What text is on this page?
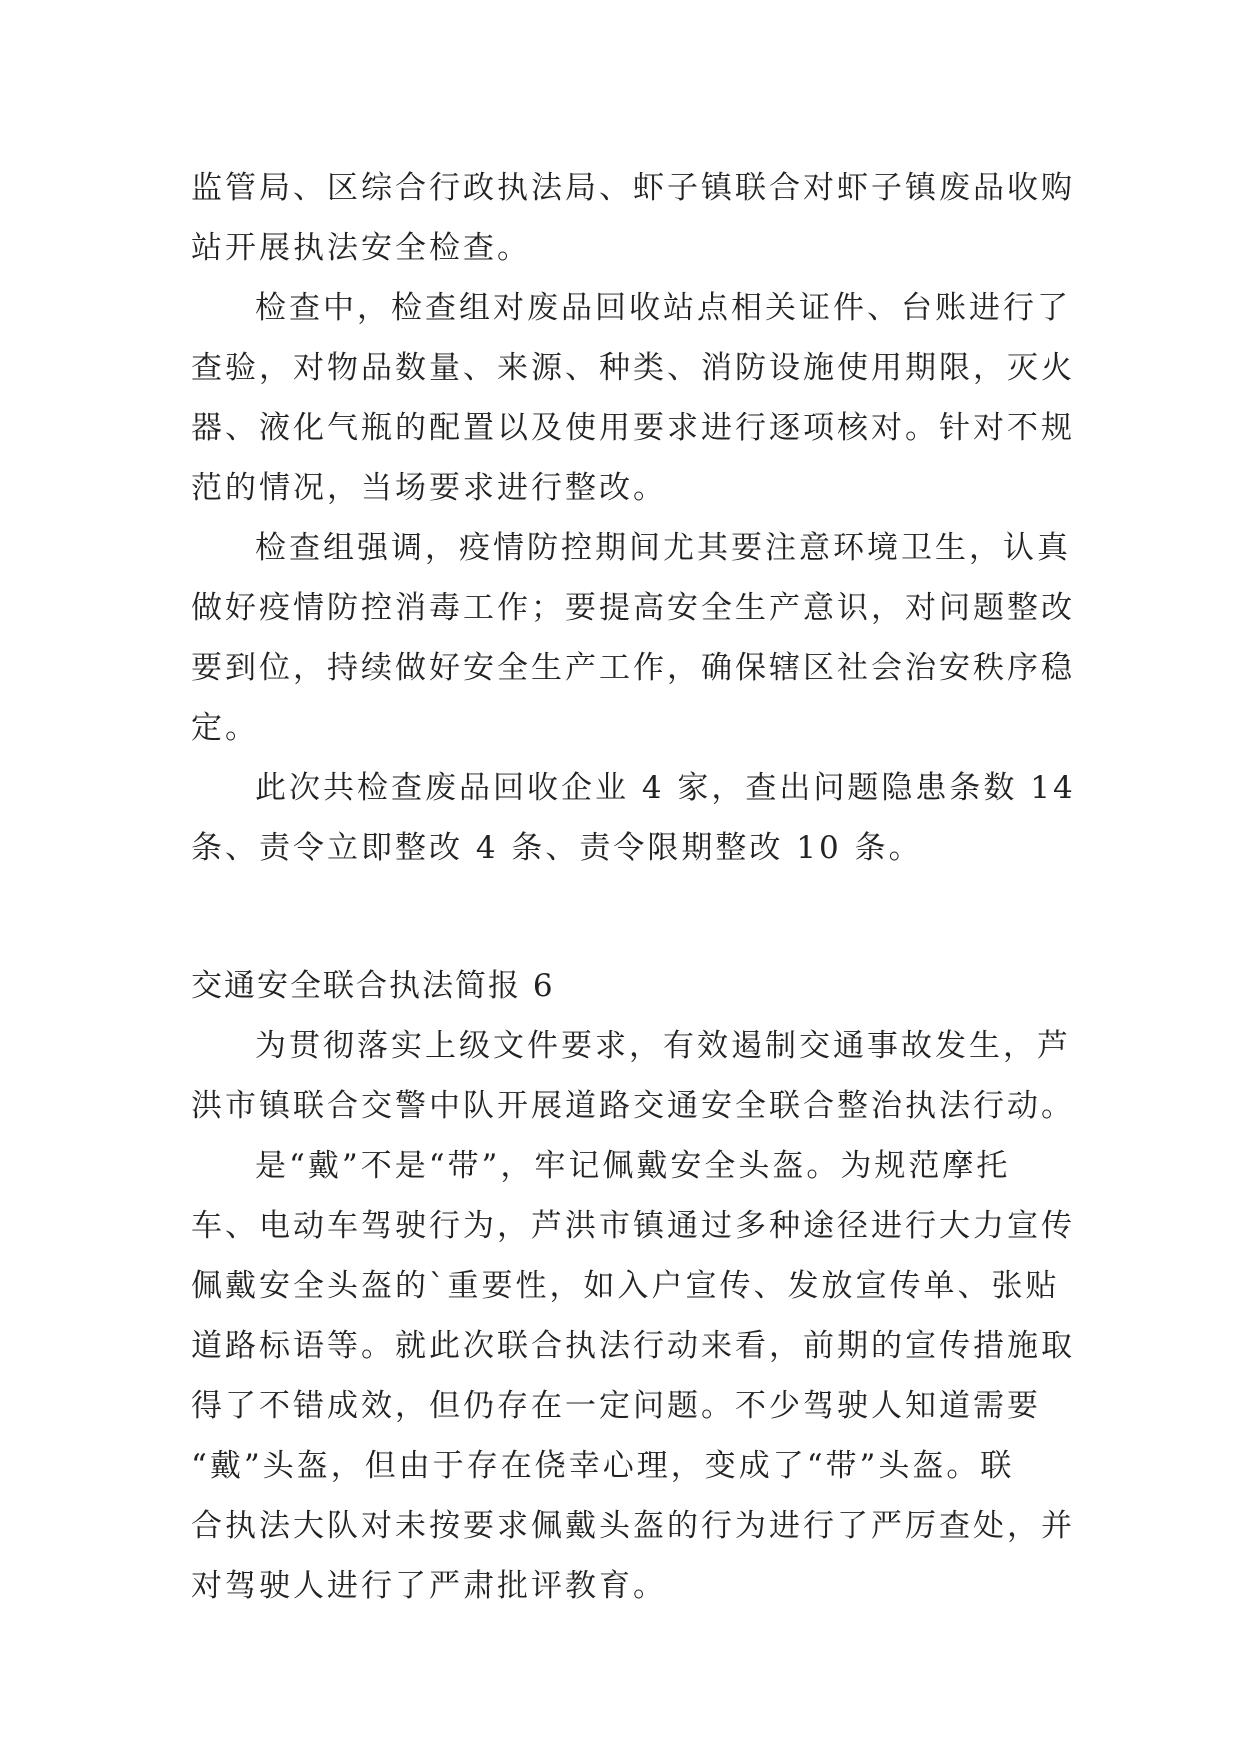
监管局、区综合行政执法局、虾子镇联合对虾子镇废品收购
站开展执法安全检查。
检查中，检查组对废品回收站点相关证件、台账进行了
查验，对物品数量、来源、种类、消防设施使用期限，灭火
器、液化气瓶的配置以及使用要求进行逐项核对。针对不规
范的情况，当场要求进行整改。
检查组强调，疫情防控期间尤其要注意环境卫生，认真
做好疫情防控消毒工作；要提高安全生产意识，对问题整改
要到位，持续做好安全生产工作，确保辖区社会治安秩序稳
定。
此次共检查废品回收企业 4 家，查出问题隐患条数 14
条、责令立即整改 4 条、责令限期整改 10 条。
交通安全联合执法简报 6
为贯彻落实上级文件要求，有效遏制交通事故发生，芦
洪市镇联合交警中队开展道路交通安全联合整治执法行动。
是“戴”不是“带”，牢记佩戴安全头盔。为规范摩托
车、电动车驾驶行为，芦洪市镇通过多种途径进行大力宣传
佩戴安全头盔的`重要性，如入户宣传、发放宣传单、张贴
道路标语等。就此次联合执法行动来看，前期的宣传措施取
得了不错成效，但仍存在一定问题。不少驾驶人知道需要
“戴”头盔，但由于存在侥幸心理，变成了“带”头盔。联
合执法大队对未按要求佩戴头盔的行为进行了严厉查处，并
对驾驶人进行了严肃批评教育。
